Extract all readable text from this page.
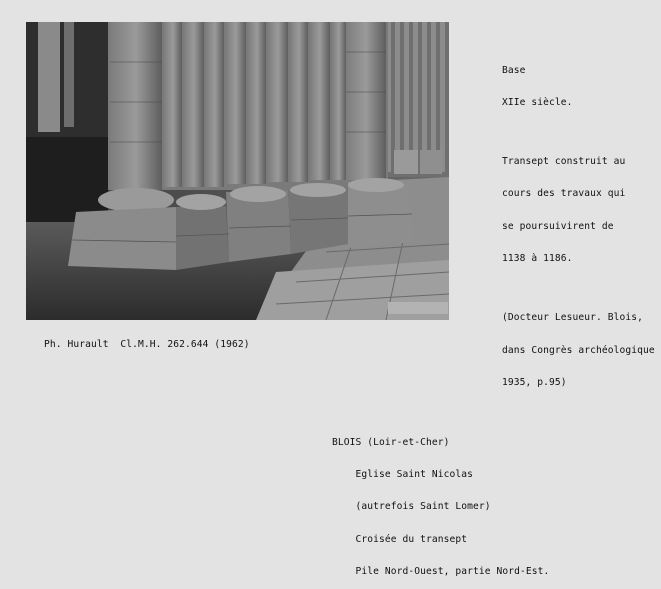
Base

XIIe siècle.

Transept construit au

cours des travaux qui

se poursuivirent de

1138 à 1186.

(Docteur Lesueur. Blois,

dans Congrès archéologique

1935, p.95)

Ph. Hurault  Cl.M.H. 262.644 (1962)

BLOIS (Loir-et-Cher)

Eglise Saint Nicolas

(autrefois Saint Lomer)

Croisée du transept

Pile Nord-Ouest, partie Nord-Est.
